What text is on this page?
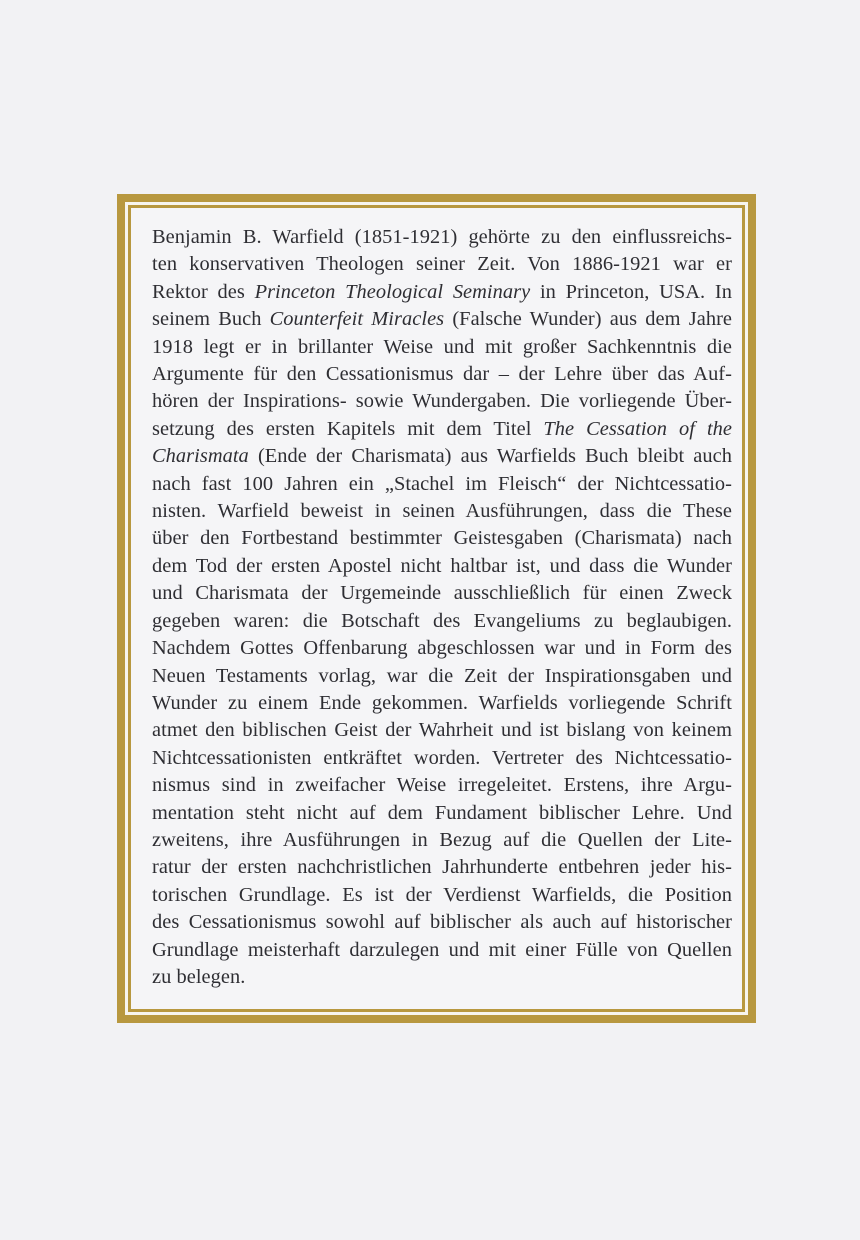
Benjamin B. Warfield (1851-1921) gehörte zu den einflussreichs-
ten konservativen Theologen seiner Zeit. Von 1886-1921 war er
Rektor des Princeton Theological Seminary in Princeton, USA. In
seinem Buch Counterfeit Miracles (Falsche Wunder) aus dem Jahre
1918 legt er in brillanter Weise und mit großer Sachkenntnis die
Argumente für den Cessationismus dar – der Lehre über das Auf-
hören der Inspirations- sowie Wundergaben. Die vorliegende Über-
setzung des ersten Kapitels mit dem Titel The Cessation of the
Charismata (Ende der Charismata) aus Warfields Buch bleibt auch
nach fast 100 Jahren ein „Stachel im Fleisch“ der Nichtcessatio-
nisten. Warfield beweist in seinen Ausführungen, dass die These
über den Fortbestand bestimmter Geistesgaben (Charismata) nach
dem Tod der ersten Apostel nicht haltbar ist, und dass die Wunder
und Charismata der Urgemeinde ausschließlich für einen Zweck
gegeben waren: die Botschaft des Evangeliums zu beglaubigen.
Nachdem Gottes Offenbarung abgeschlossen war und in Form des
Neuen Testaments vorlag, war die Zeit der Inspirationsgaben und
Wunder zu einem Ende gekommen. Warfields vorliegende Schrift
atmet den biblischen Geist der Wahrheit und ist bislang von keinem
Nichtcessationisten entkräftet worden. Vertreter des Nichtcessatio-
nismus sind in zweifacher Weise irregeleitet. Erstens, ihre Argu-
mentation steht nicht auf dem Fundament biblischer Lehre. Und
zweitens, ihre Ausführungen in Bezug auf die Quellen der Lite-
ratur der ersten nachchristlichen Jahrhunderte entbehren jeder his-
torischen Grundlage. Es ist der Verdienst Warfields, die Position
des Cessationismus sowohl auf biblischer als auch auf historischer
Grundlage meisterhaft darzulegen und mit einer Fülle von Quellen
zu belegen.
